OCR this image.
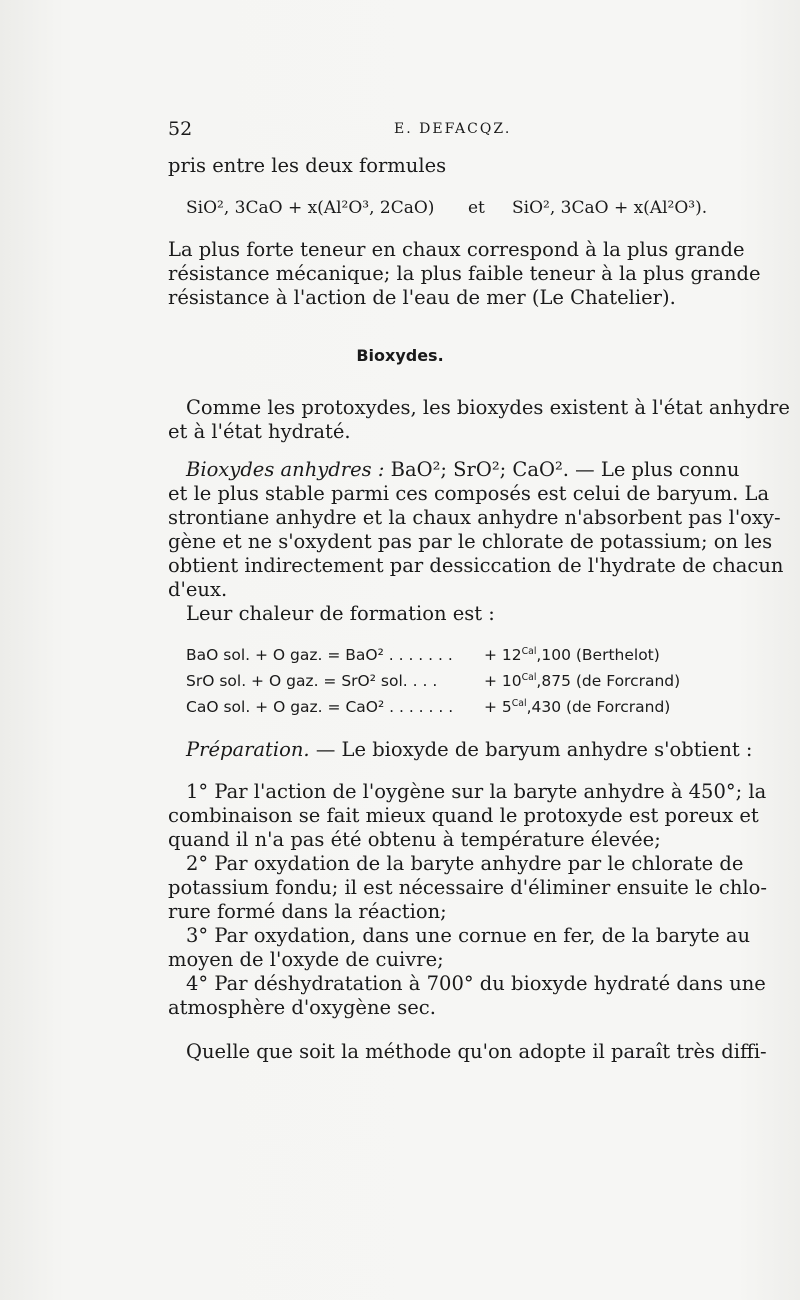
52	E. DEFACQZ.
pris entre les deux formules
SiO², 3CaO + x(Al²O³, 2CaO) et SiO², 3CaO + x(Al²O³).
La plus forte teneur en chaux correspond à la plus grande
résistance mécanique; la plus faible teneur à la plus grande
résistance à l'action de l'eau de mer (Le Chatelier).
Bioxydes.
Comme les protoxydes, les bioxydes existent à l'état anhydre
et à l'état hydraté.
Bioxydes anhydres : BaO²; SrO²; CaO². — Le plus connu
et le plus stable parmi ces composés est celui de baryum. La
strontiane anhydre et la chaux anhydre n'absorbent pas l'oxy-
gène et ne s'oxydent pas par le chlorate de potassium; on les
obtient indirectement par dessiccation de l'hydrate de chacun
d'eux.
Leur chaleur de formation est :
BaO sol. + O gaz. = BaO² . . . . . . . + $12^{Cal},100$ (Berthelot)
SrO sol. + O gaz. = SrO² sol. . . .	+ $10^{Cal},875$ (de Forcrand)
CaO sol. + O gaz. = CaO² . . . . . . . + $5^{Cal},430$ (de Forcrand)
Préparation. — Le bioxyde de baryum anhydre s'obtient :
1° Par l'action de l'oygène sur la baryte anhydre à 450°; la
combinaison se fait mieux quand le protoxyde est poreux et
quand il n'a pas été obtenu à température élevée;
2° Par oxydation de la baryte anhydre par le chlorate de
potassium fondu; il est nécessaire d'éliminer ensuite le chlo-
rure formé dans la réaction;
3° Par oxydation, dans une cornue en fer, de la baryte au
moyen de l'oxyde de cuivre;
4° Par déshydratation à 700° du bioxyde hydraté dans une
atmosphère d'oxygène sec.
Quelle que soit la méthode qu'on adopte il paraît très diffi-
